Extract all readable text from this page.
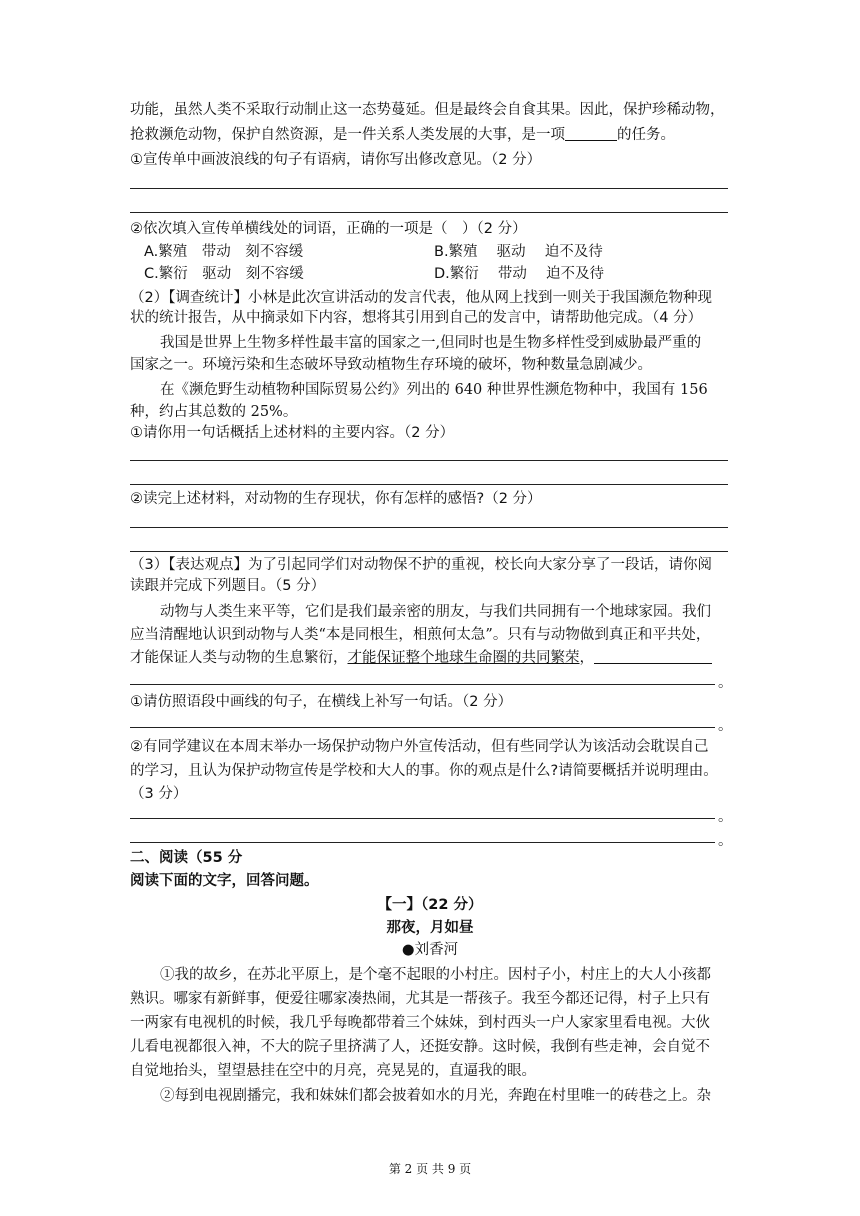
功能，虽然人类不采取行动制止这一态势蔓延。但是最终会自食其果。因此，保护珍稀动物，
抢救濒危动物，保护自然资源，是一件关系人类发展的大事，是一项	的任务。
①宣传单中画波浪线的句子有语病，请你写出修改意见。（2 分）
②依次填入宣传单横线处的词语，正确的一项是（　）（2 分）
A.繁殖　带动　刻不容缓	B.繁殖　 驱动　 迫不及待
C.繁衍　驱动　刻不容缓	D.繁衍　 带动　 迫不及待
（2）【调查统计】小林是此次宣讲活动的发言代表，他从网上找到一则关于我国濒危物种现
状的统计报告，从中摘录如下内容，想将其引用到自己的发言中，请帮助他完成。（4 分）
我国是世界上生物多样性最丰富的国家之一,但同时也是生物多样性受到威胁最严重的
国家之一。环境污染和生态破坏导致动植物生存环境的破坏，物种数量急剧减少。
在《濒危野生动植物种国际贸易公约》列出的 640 种世界性濒危物种中，我国有 156
种，约占其总数的 25%。
①请你用一句话概括上述材料的主要内容。（2 分）
②读完上述材料，对动物的生存现状，你有怎样的感悟?（2 分）
（3）【表达观点】为了引起同学们对动物保不护的重视，校长向大家分享了一段话，请你阅
读跟并完成下列题目。（5 分）
动物与人类生来平等，它们是我们最亲密的朋友，与我们共同拥有一个地球家园。我们
应当清醒地认识到动物与人类“本是同根生，相煎何太急”。只有与动物做到真正和平共处，
才能保证人类与动物的生息繁衍，才能保证整个地球生命圈的共同繁荣，
。
①请仿照语段中画线的句子，在横线上补写一句话。（2 分）
。
②有同学建议在本周末举办一场保护动物户外宣传活动，但有些同学认为该活动会耽误自己
的学习，且认为保护动物宣传是学校和大人的事。你的观点是什么?请简要概括并说明理由。
（3 分）
。
。
二、阅读（55 分
阅读下面的文字，回答问题。
【一】（22 分）
那夜，月如昼
●刘香河
①我的故乡，在苏北平原上，是个毫不起眼的小村庄。因村子小，村庄上的大人小孩都
熟识。哪家有新鲜事，便爱往哪家凑热闹，尤其是一帮孩子。我至今都还记得，村子上只有
一两家有电视机的时候，我几乎每晚都带着三个妹妹，到村西头一户人家家里看电视。大伙
儿看电视都很入神，不大的院子里挤满了人，还挺安静。这时候，我倒有些走神，会自觉不
自觉地抬头，望望悬挂在空中的月亮，亮晃晃的，直逼我的眼。
②每到电视剧播完，我和妹妹们都会披着如水的月光，奔跑在村里唯一的砖巷之上。杂
第 2 页 共 9 页
